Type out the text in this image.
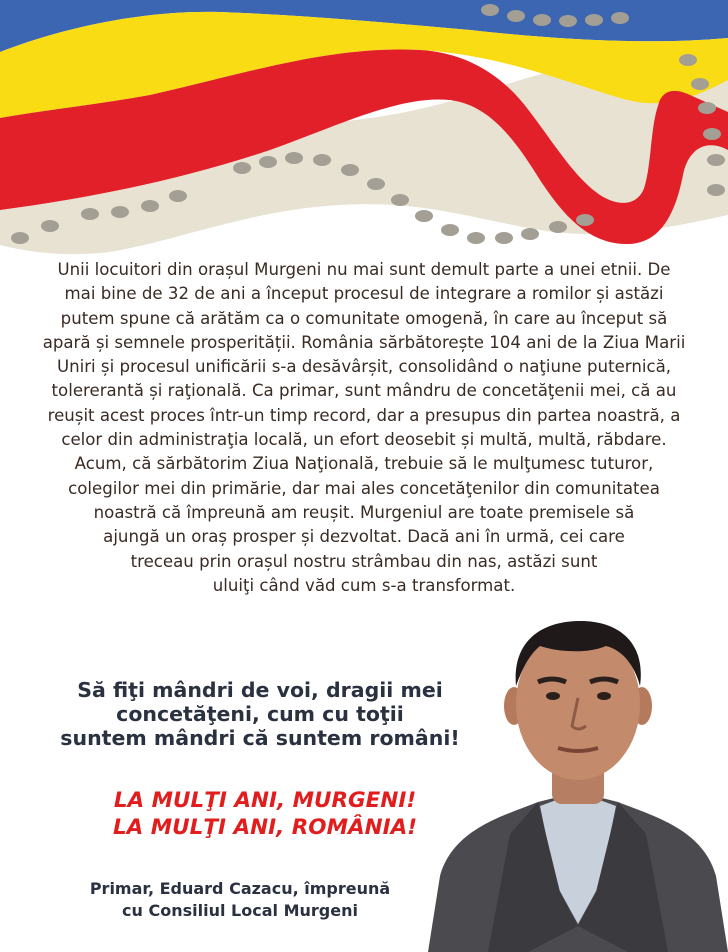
Unii locuitori din orașul Murgeni nu mai sunt demult parte a unei etnii. De
mai bine de 32 de ani a început procesul de integrare a romilor și astăzi
putem spune că arătăm ca o comunitate omogenă, în care au început să
apară și semnele prosperității. România sărbătorește 104 ani de la Ziua Marii
Uniri și procesul unificării s-a desăvârșit, consolidând o naţiune puternică,
tolererantă și raţională. Ca primar, sunt mândru de concetăţenii mei, că au
reușit acest proces într-un timp record, dar a presupus din partea noastră, a
celor din administraţia locală, un efort deosebit și multă, multă, răbdare.
Acum, că sărbătorim Ziua Naţională, trebuie să le mulţumesc tuturor,
colegilor mei din primărie, dar mai ales concetăţenilor din comunitatea
noastră că împreună am reușit. Murgeniul are toate premisele să
ajungă un oraș prosper și dezvoltat. Dacă ani în urmă, cei care
treceau prin orașul nostru strâmbau din nas, astăzi sunt
uluiţi când văd cum s-a transformat.

Să fiţi mândri de voi, dragii mei
concetăţeni, cum cu toţii
suntem mândri că suntem români!

LA MULŢI ANI, MURGENI!
LA MULŢI ANI, ROMÂNIA!

Primar, Eduard Cazacu, împreună
cu Consiliul Local Murgeni
